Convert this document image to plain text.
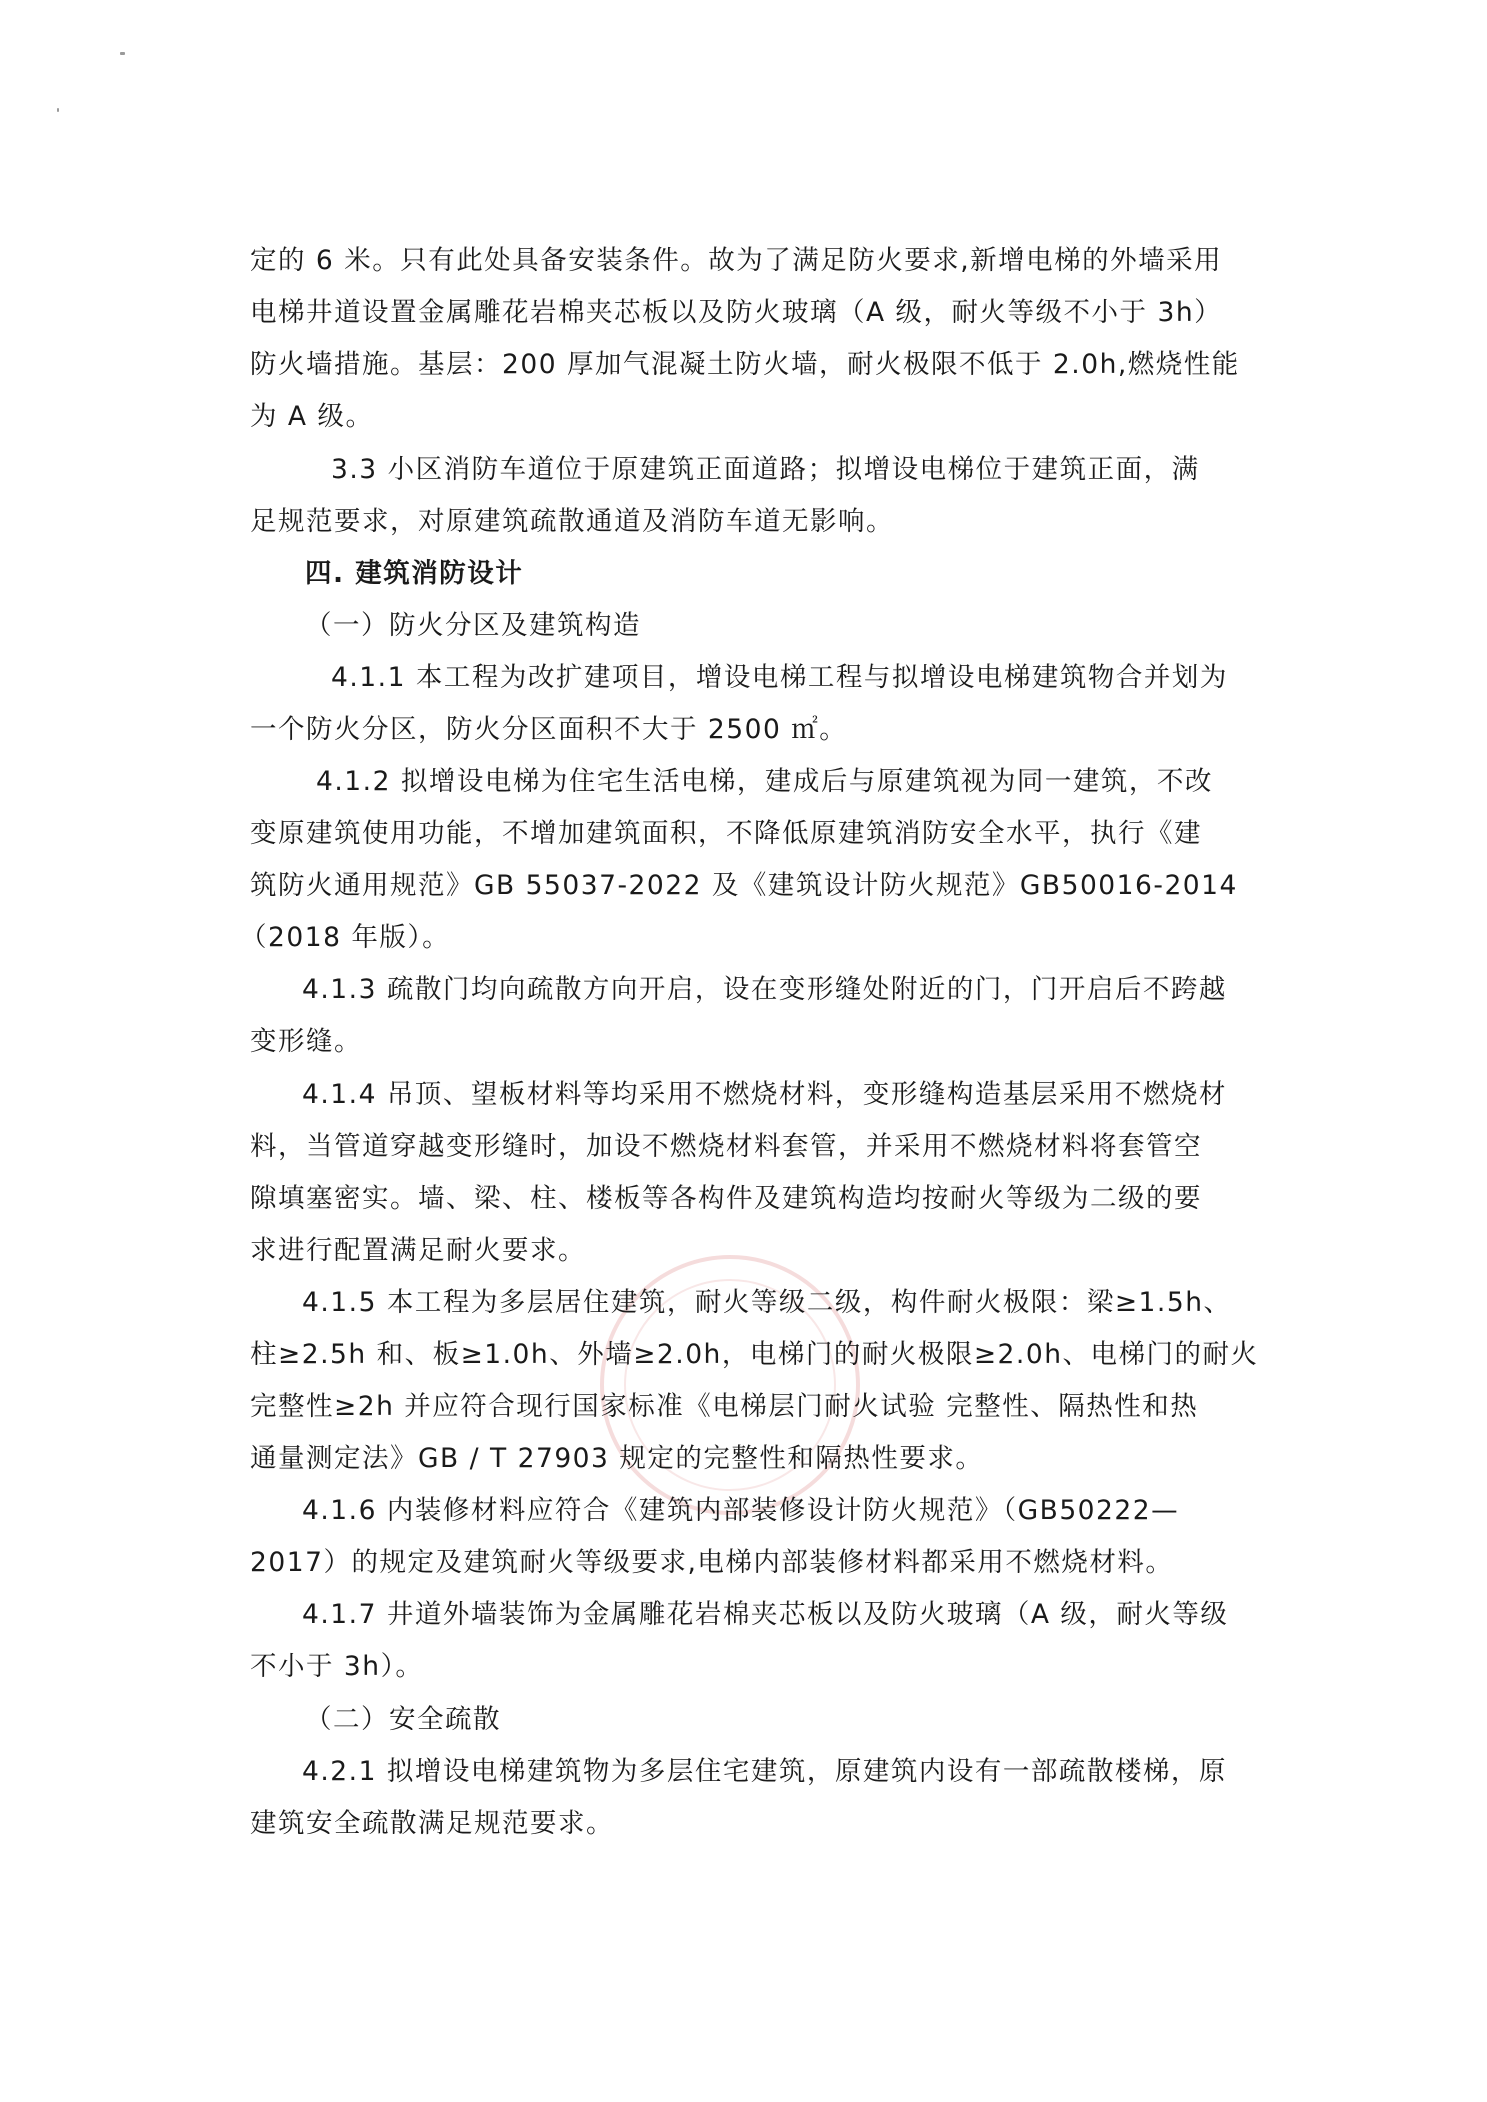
定的 6 米。只有此处具备安装条件。故为了满足防火要求,新增电梯的外墙采用
电梯井道设置金属雕花岩棉夹芯板以及防火玻璃（A 级，耐火等级不小于 3h）
防火墙措施。基层：200 厚加气混凝土防火墙，耐火极限不低于 2.0h,燃烧性能
为 A 级。
3.3 小区消防车道位于原建筑正面道路；拟增设电梯位于建筑正面，满
足规范要求，对原建筑疏散通道及消防车道无影响。
四. 建筑消防设计
（一）防火分区及建筑构造
4.1.1 本工程为改扩建项目，增设电梯工程与拟增设电梯建筑物合并划为
一个防火分区，防火分区面积不大于 2500 ㎡。
4.1.2 拟增设电梯为住宅生活电梯，建成后与原建筑视为同一建筑，不改
变原建筑使用功能，不增加建筑面积，不降低原建筑消防安全水平，执行《建
筑防火通用规范》GB 55037-2022 及《建筑设计防火规范》GB50016-2014
（2018 年版）。
4.1.3 疏散门均向疏散方向开启，设在变形缝处附近的门，门开启后不跨越
变形缝。
4.1.4 吊顶、望板材料等均采用不燃烧材料，变形缝构造基层采用不燃烧材
料，当管道穿越变形缝时，加设不燃烧材料套管，并采用不燃烧材料将套管空
隙填塞密实。墙、梁、柱、楼板等各构件及建筑构造均按耐火等级为二级的要
求进行配置满足耐火要求。
4.1.5 本工程为多层居住建筑，耐火等级二级，构件耐火极限：梁≥1.5h、
柱≥2.5h 和、板≥1.0h、外墙≥2.0h，电梯门的耐火极限≥2.0h、电梯门的耐火
完整性≥2h 并应符合现行国家标准《电梯层门耐火试验 完整性、隔热性和热
通量测定法》GB / T 27903 规定的完整性和隔热性要求。
4.1.6 内装修材料应符合《建筑内部装修设计防火规范》（GB50222—
2017）的规定及建筑耐火等级要求,电梯内部装修材料都采用不燃烧材料。
4.1.7 井道外墙装饰为金属雕花岩棉夹芯板以及防火玻璃（A 级，耐火等级
不小于 3h）。
（二）安全疏散
4.2.1 拟增设电梯建筑物为多层住宅建筑，原建筑内设有一部疏散楼梯，原
建筑安全疏散满足规范要求。
